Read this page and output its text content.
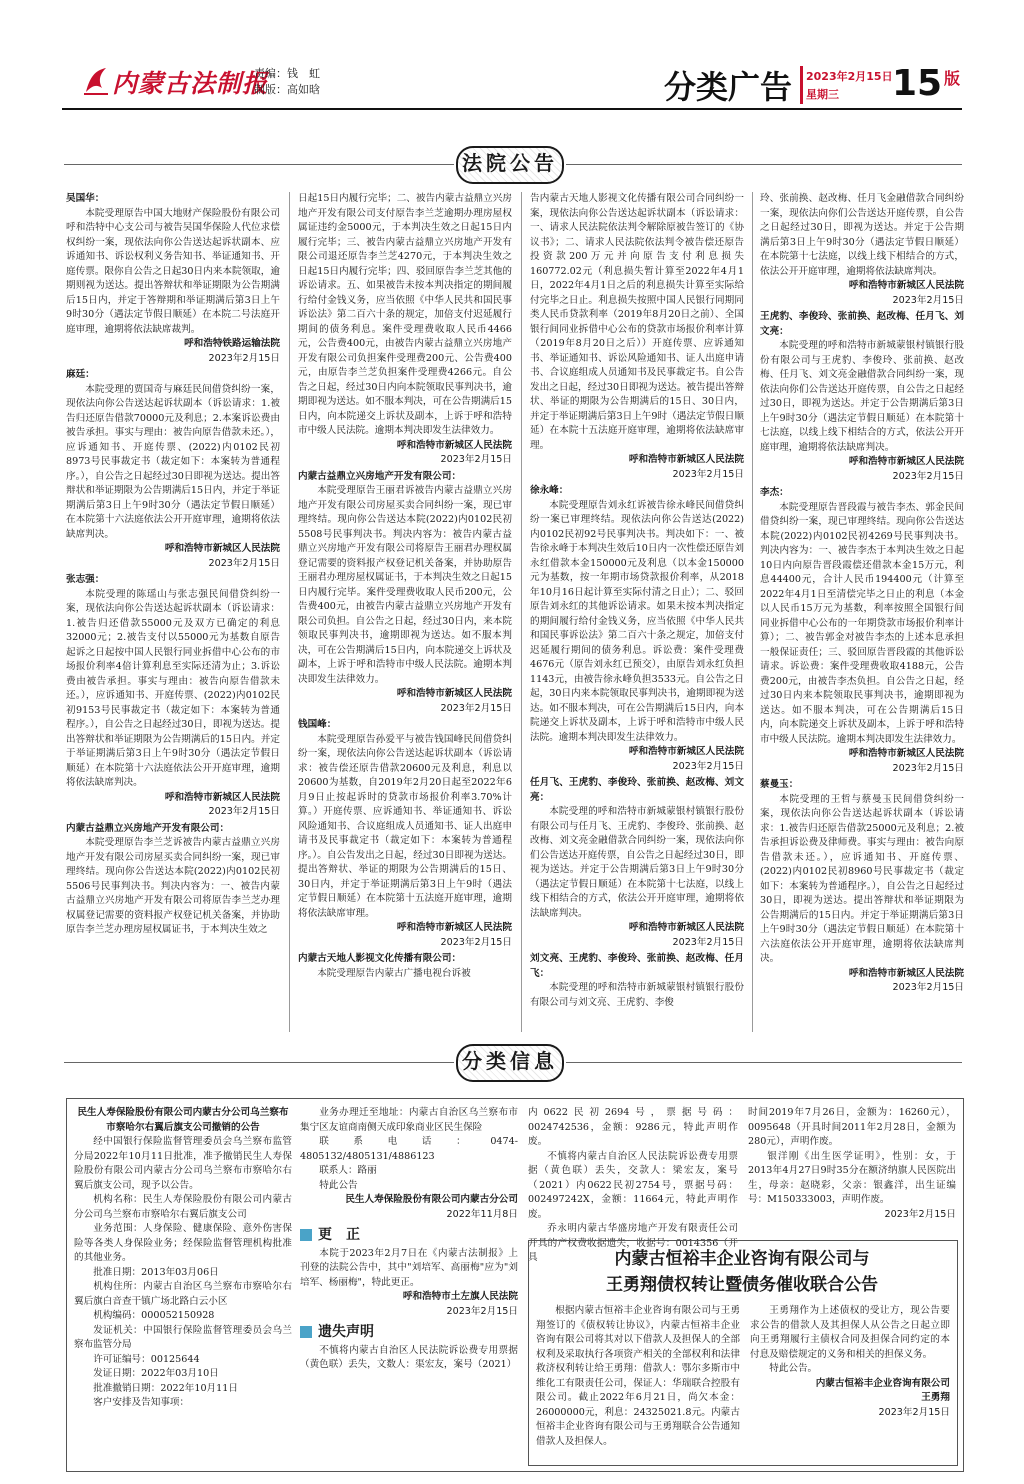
内蒙古法制报
责编：钱　虹
制版：高如晗	分类广告 2023年2月15日
星期三 15 版
法院公告

吴国华：

本院受理原告中国大地财产保险股份有限公司呼和浩特中心支公司与被告吴国华保险人代位求偿权纠纷一案，现依法向你公告送达起诉状副本、应诉通知书、诉讼权利义务告知书、举证通知书、开庭传票。限你自公告之日起30日内来本院领取，逾期则视为送达。提出答辩状和举证期限为公告期满后15日内，并定于答辩期和举证期满后第3日上午9时30分（遇法定节假日顺延）在本院二号法庭开庭审理，逾期将依法缺席裁判。

呼和浩特铁路运输法院

2023年2月15日

麻廷：

本院受理的贾国奇与麻廷民间借贷纠纷一案，现依法向你公告送达起诉状副本（诉讼请求：1.被告归还原告借款70000元及利息；2.本案诉讼费由被告承担。事实与理由：被告向原告借款未还。），应诉通知书、开庭传票、(2022)内0102民初8973号民事裁定书（裁定如下：本案转为普通程序。），自公告之日起经过30日即视为送达。提出答辩状和举证期限为公告期满后15日内，并定于举证期满后第3日上午9时30分（遇法定节假日顺延）在本院第十六法庭依法公开开庭审理，逾期将依法缺席判决。

呼和浩特市新城区人民法院

2023年2月15日

张志强：

本院受理的陈瑶山与张志强民间借贷纠纷一案，现依法向你公告送达起诉状副本（诉讼请求：1.被告归还借款55000元及双方已确定的利息32000元；2.被告支付以55000元为基数自原告起诉之日起按中国人民银行同业拆借中心公布的市场报价利率4倍计算利息至实际还清为止；3.诉讼费由被告承担。事实与理由：被告向原告借款未还。），应诉通知书、开庭传票、(2022)内0102民初9153号民事裁定书（裁定如下：本案转为普通程序。），自公告之日起经过30日，即视为送达。提出答辩状和举证期限为公告期满后的15日内。并定于举证期满后第3日上午9时30分（遇法定节假日顺延）在本院第十六法庭依法公开开庭审理，逾期将依法缺席判决。

呼和浩特市新城区人民法院

2023年2月15日

内蒙古益鼎立兴房地产开发有限公司：

本院受理原告李兰芝诉被告内蒙古益鼎立兴房地产开发有限公司房屋买卖合同纠纷一案，现已审理终结。现向你公告送达本院(2022)内0102民初5506号民事判决书。判决内容为：一、被告内蒙古益鼎立兴房地产开发有限公司将原告李兰芝办理权属登记需要的资料报产权登记机关备案，并协助原告李兰芝办理房屋权属证书，于本判决生效之

日起15日内履行完毕；二、被告内蒙古益鼎立兴房地产开发有限公司支付原告李兰芝逾期办理房屋权属证违约金5000元，于本判决生效之日起15日内履行完毕；三、被告内蒙古益鼎立兴房地产开发有限公司退还原告李兰芝4270元，于本判决生效之日起15日内履行完毕；四、驳回原告李兰芝其他的诉讼请求。五、如果被告未按本判决指定的期间履行给付金钱义务，应当依照《中华人民共和国民事诉讼法》第二百六十条的规定，加倍支付迟延履行期间的债务利息。案件受理费收取人民币4466元，公告费400元，由被告内蒙古益鼎立兴房地产开发有限公司负担案件受理费200元、公告费400元，由原告李兰芝负担案件受理费4266元。自公告之日起，经过30日内向本院领取民事判决书，逾期即视为送达。如不服本判决，可在公告期满后15日内，向本院递交上诉状及副本，上诉于呼和浩特市中级人民法院。逾期本判决即发生法律效力。

呼和浩特市新城区人民法院

2023年2月15日

内蒙古益鼎立兴房地产开发有限公司：

本院受理原告王丽君诉被告内蒙古益鼎立兴房地产开发有限公司房屋买卖合同纠纷一案，现已审理终结。现向你公告送达本院(2022)内0102民初5508号民事判决书。判决内容为：被告内蒙古益鼎立兴房地产开发有限公司将原告王丽君办理权属登记需要的资料报产权登记机关备案，并协助原告王丽君办理房屋权属证书，于本判决生效之日起15日内履行完毕。案件受理费收取人民币200元，公告费400元，由被告内蒙古益鼎立兴房地产开发有限公司负担。自公告之日起，经过30日内，来本院领取民事判决书，逾期即视为送达。如不服本判决，可在公告期满后15日内，向本院递交上诉状及副本，上诉于呼和浩特市中级人民法院。逾期本判决即发生法律效力。

呼和浩特市新城区人民法院

2023年2月15日

钱国峰：

本院受理原告孙爱平与被告钱国峰民间借贷纠纷一案，现依法向你公告送达起诉状副本（诉讼请求：被告偿还原告借款20600元及利息，利息以20600为基数，自2019年2月20日起至2022年6月9日止按起诉时的贷款市场报价利率3.70%计算。）开庭传票、应诉通知书、举证通知书、诉讼风险通知书、合议庭组成人员通知书、证人出庭申请书及民事裁定书（裁定如下：本案转为普通程序。）。自公告发出之日起，经过30日即视为送达。提出答辩状、举证的期限为公告期满后的15日、30日内，并定于举证期满后第3日上午9时（遇法定节假日顺延）在本院第十五法庭开庭审理，逾期将依法缺席审理。

呼和浩特市新城区人民法院

2023年2月15日

内蒙古天地人影视文化传播有限公司：

本院受理原告内蒙古广播电视台诉被

告内蒙古天地人影视文化传播有限公司合同纠纷一案，现依法向你公告送达起诉状副本（诉讼请求：一、请求人民法院依法判令解除原被告签订的《协议书》；二、请求人民法院依法判令被告偿还原告投资款200万元并向原告支付利息损失160772.02元（利息损失暂计算至2022年4月1日，2022年4月1日之后的利息损失计算至实际给付完毕之日止。利息损失按照中国人民银行同期同类人民币贷款利率（2019年8月20日之前）、全国银行间同业拆借中心公布的贷款市场报价利率计算（2019年8月20日之后））开庭传票、应诉通知书、举证通知书、诉讼风险通知书、证人出庭申请书、合议庭组成人员通知书及民事裁定书。自公告发出之日起，经过30日即视为送达。被告提出答辩状、举证的期限为公告期满后的15日、30日内，并定于举证期满后第3日上午9时（遇法定节假日顺延）在本院十五法庭开庭审理，逾期将依法缺席审理。

呼和浩特市新城区人民法院

2023年2月15日

徐永峰：

本院受理原告刘永红诉被告徐永峰民间借贷纠纷一案已审理终结。现依法向你公告送达(2022)内0102民初92号民事判决书。判决如下：一、被告徐永峰于本判决生效后10日内一次性偿还原告刘永红借款本金150000元及利息（以本金150000元为基数，按一年期市场贷款报价利率，从2018年10月16日起计算至实际付清之日止）；二、驳回原告刘永红的其他诉讼请求。如果未按本判决指定的期间履行给付金钱义务，应当依照《中华人民共和国民事诉讼法》第二百六十条之规定，加倍支付迟延履行期间的债务利息。诉讼费：案件受理费4676元（原告刘永红已预交），由原告刘永红负担1143元，由被告徐永峰负担3533元。自公告之日起，30日内来本院领取民事判决书，逾期即视为送达。如不服本判决，可在公告期满后15日内，向本院递交上诉状及副本，上诉于呼和浩特市中级人民法院。逾期本判决即发生法律效力。

呼和浩特市新城区人民法院

2023年2月15日

任月飞、王虎豹、李俊玲、张前换、赵改梅、刘文亮：

本院受理的呼和浩特市新城蒙银村镇银行股份有限公司与任月飞、王虎豹、李俊玲、张前换、赵改梅、刘文亮金融借款合同纠纷一案，现依法向你们公告送达开庭传票，自公告之日起经过30日，即视为送达。并定于公告期满后第3日上午9时30分（遇法定节假日顺延）在本院第十七法庭，以线上线下相结合的方式，依法公开开庭审理，逾期将依法缺席判决。

呼和浩特市新城区人民法院

2023年2月15日

刘文亮、王虎豹、李俊玲、张前换、赵改梅、任月飞：

本院受理的呼和浩特市新城蒙银村镇银行股份有限公司与刘文亮、王虎豹、李俊

玲、张前换、赵改梅、任月飞金融借款合同纠纷一案，现依法向你们公告送达开庭传票，自公告之日起经过30日，即视为送达。并定于公告期满后第3日上午9时30分（遇法定节假日顺延）在本院第十七法庭，以线上线下相结合的方式，依法公开开庭审理，逾期将依法缺席判决。

呼和浩特市新城区人民法院

2023年2月15日

王虎豹、李俊玲、张前换、赵改梅、任月飞、刘文亮：

本院受理的呼和浩特市新城蒙银村镇银行股份有限公司与王虎豹、李俊玲、张前换、赵改梅、任月飞、刘文亮金融借款合同纠纷一案，现依法向你们公告送达开庭传票，自公告之日起经过30日，即视为送达。并定于公告期满后第3日上午9时30分（遇法定节假日顺延）在本院第十七法庭，以线上线下相结合的方式，依法公开开庭审理，逾期将依法缺席判决。

呼和浩特市新城区人民法院

2023年2月15日

李杰：

本院受理原告晋段霞与被告李杰、郭金民间借贷纠纷一案，现已审理终结。现向你公告送达本院(2022)内0102民初4269号民事判决书。判决内容为：一、被告李杰于本判决生效之日起10日内向原告晋段霞偿还借款本金15万元，利息44400元，合计人民币194400元（计算至2022年4月1日至清偿完毕之日止的利息（本金以人民币15万元为基数，利率按照全国银行间同业拆借中心公布的一年期贷款市场报价利率计算）；二、被告郭金对被告李杰的上述本息承担一般保证责任；三、驳回原告晋段霞的其他诉讼请求。诉讼费：案件受理费收取4188元，公告费200元，由被告李杰负担。自公告之日起，经过30日内来本院领取民事判决书，逾期即视为送达。如不服本判决，可在公告期满后15日内，向本院递交上诉状及副本，上诉于呼和浩特市中级人民法院。逾期本判决即发生法律效力。

呼和浩特市新城区人民法院

2023年2月15日

蔡曼玉：

本院受理的王哲与蔡曼玉民间借贷纠纷一案，现依法向你公告送达起诉状副本（诉讼请求：1.被告归还原告借款25000元及利息；2.被告承担诉讼费及律师费。事实与理由：被告向原告借款未还。），应诉通知书、开庭传票、(2022)内0102民初8960号民事裁定书（裁定如下：本案转为普通程序。），自公告之日起经过30日，即视为送达。提出答辩状和举证期限为公告期满后的15日内。并定于举证期满后第3日上午9时30分（遇法定节假日顺延）在本院第十六法庭依法公开开庭审理，逾期将依法缺席判决。

呼和浩特市新城区人民法院

2023年2月15日

分类信息

民生人寿保险股份有限公司内蒙古分公司乌兰察布市察哈尔右翼后旗支公司撤销的公告

经中国银行保险监督管理委员会乌兰察布监管分局2022年10月11日批准，准予撤销民生人寿保险股份有限公司内蒙古分公司乌兰察布市察哈尔右翼后旗支公司，现予以公告。

机构名称：民生人寿保险股份有限公司内蒙古分公司乌兰察布市察哈尔右翼后旗支公司

业务范围：人身保险、健康保险、意外伤害保险等各类人身保险业务；经保险监督管理机构批准的其他业务。

批准日期：2013年03月06日

机构住所：内蒙古自治区乌兰察布市察哈尔右翼后旗白音查干镇广场北路白云小区

机构编码：000052150928

发证机关：中国银行保险监督管理委员会乌兰察布监管分局

许可证编号：00125644

发证日期：2022年03月10日

批准撤销日期：2022年10月11日

客户安排及告知事项：

业务办理迁至地址：内蒙古自治区乌兰察布市集宁区友谊商南侧天成印象商业区民生保险

联系电话：0474-4805132/4805131/4886123

联系人：路丽

特此公告

民生人寿保险股份有限公司内蒙古分公司

2022年11月8日

更　正

本院于2023年2月7日在《内蒙古法制报》上刊登的法院公告中，其中"刘培军、高丽梅"应为"刘培军、杨丽梅"，特此更正。

呼和浩特市土左旗人民法院

2023年2月15日

遗失声明

不慎将内蒙古自治区人民法院诉讼费专用票据（黄色联）丢失，文数人：渠宏友，案号（2021）

内0622民初2694号，票据号码：0024742536，金额：9286元，特此声明作废。

不慎将内蒙古自治区人民法院诉讼费专用票据（黄色联）丢失，交款人：梁宏友，案号（2021）内0622民初2754号，票据号码：002497242X，金额：11664元，特此声明作废。

乔永明内蒙古华盛房地产开发有限责任公司开具的产权费收据遗失，收据号：0014356（开具

时间2019年7月26日，金额为：16260元），0095648（开具时间2011年2月28日，金额为280元），声明作废。

银洋刚《出生医学证明》，性别：女，于2013年4月27日9时35分在额济纳旗人民医院出生，母亲：赵晓彩，父亲：银鑫洋，出生证编号：M150333003，声明作废。

2023年2月15日

内蒙古恒裕丰企业咨询有限公司与
王勇翔债权转让暨债务催收联合公告

根据内蒙古恒裕丰企业咨询有限公司与王勇翔签订的《债权转让协议》，内蒙古恒裕丰企业咨询有限公司将其对以下借款人及担保人的全部权利及采取执行各项资产相关的全部权利和法律救济权利转让给王勇翔：借款人：鄂尔多斯市中维化工有限责任公司，保证人：华瑞联合控股有限公司。截止2022年6月21日，尚欠本金：26000000元，利息：24325021.8元。内蒙古恒裕丰企业咨询有限公司与王勇翔联合公告通知借款人及担保人。

王勇翔作为上述债权的受让方，现公告要求公告的借款人及其担保人从公告之日起立即向王勇翔履行主债权合同及担保合同约定的本付息及赔偿规定的义务和相关的担保义务。

特此公告。

内蒙古恒裕丰企业咨询有限公司

王勇翔

2023年2月15日
